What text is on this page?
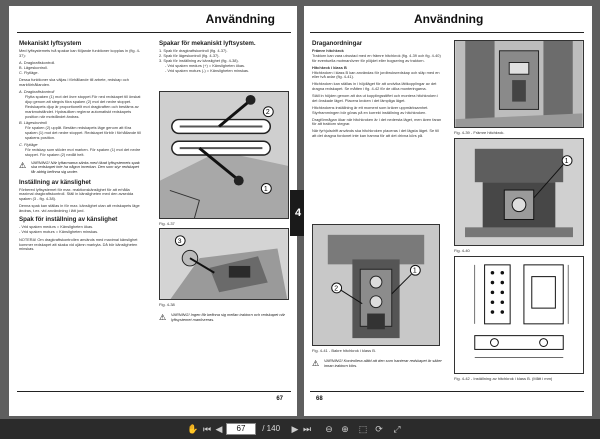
Användning
Mekaniskt lyftsystem
Med lyftsystemets två spakar kan följande funktioner kopplas in (fig. 4-37):
A. Dragkraftskontroll.
B. Lägeskontroll.
C. Flytläge.
Dessa funktioner ska väljas i förhållande till arbete, redskap och markförhållanden.
A. Dragkraftskontroll
Flytta spaken (1) mot det övre stoppet.För ned redskapet till önskat djup genom att stegvis föra spaken (2) mot det nedre stoppet. Redskapets djup är proportionellt mot dragkraften och bestäms av markmotståndet. Hydrauliken reglerar automatiskt redskapets position när motståndet ändras.
B. Lägeskontroll
För spaken (2) uppåt. Bestäm redskapets läge genom att föra spaken (1) mot det nedre stoppet. Redskapet förblir i förhållande till spakens position.
C. Flytläge
För redskap som stöder mot marken. För spaken (1) mot det nedre stoppet. För spaken (2) nedåt helt.
⚠ VARNING! När lyftarmarna sänks med ökad lyftsystemets spak ska redskapet inte ha någon inverkan. Den som styr redskapet får aldrig befinna sig under.
Inställning av känslighet
Förbered lyftsystemet för max. reaktionskänslighet för att erhålla maximal dragkraftskontroll. Ställ in känsligheten med den avsedda spaken (3 - fig. 4-38).
Denna spak kan ställas in för max. känslighet utan att redskapets läge ändras, t.ex. vid användning i lätt jord.
Spak för inställning av känslighet
- Vrid spaken medurs = Känsligheten ökas.
- Vrid spaken moturs = Känsligheten minskas.
NOTERA! Om dragkraftskontrollen används med maximal känslighet kommer redskapet att skaka vid ojämn markyta. Då bör känsligheten minskas.
Spakar för mekaniskt lyftsystem.
1. Spak för dragkraftskontroll (fig. 4-37).
2. Spak för lägeskontroll (fig. 4-37).
3. Spak för inställning av känslighet (fig. 4-38).
- Vrid spaken medurs (+) = Känsligheten ökas.
- Vrid spaken moturs (-) = Känsligheten minskas.
2
1
Fig. 4-37
3
Fig. 4-38
⚠ VARNING! Ingen får befinna sig mellan traktorn och redskapet när lyftsystemet manövreras.
67
4
Användning
Draganordningar
Främre hitchkrok
Traktorn kan vara utrustad med en främre hitchkrok (fig. 4-39 och fig. 4-40) för eventuella motmanövrer för plöjdet eller bogsering av traktorn.
Hitchkrok i klass B
Hitchkroken i klass B kan användas för jordbruksredskap och släp med en eller två axlar (fig. 4-41).
Hitchkroken kan ställas in i höjdläget för att undvika lättkopplingar av det dragna redskapet. Se måtten i fig. 4-42 för de olika monteringarna.
Ställ in höjden genom att dra ut kopplingsstiftet och montera hitchkroken i det önskade läget. Placera kroken i det lämpliga läget.
Hitchkrokens inställning är ett moment som kräver uppmärksamhet. Styrframmingen bör göras på en korrekt inställning av hitchkroken.
Dragförmågan ökar när hitchkroken är i det nedersta läget, men även faran för att traktorn stegrar.
När fyrhjulsdrift används ska hitchkroken placeras i det lägsta läget. Se till att det dragna fordonet inte kan hamna för att det drivna körs på.
1
2
Fig. 4-41 - Bakre hitchkrok i klass B.
Fig. 4-39 - Främre hitchkrok.
1
Fig. 4-40
Fig. 4-42 - Inställning av hitchkrok i klass B. (Mått i mm)
⚠ VARNING! Kontrollera alltid att den som hanterar redskapet är säker innan traktorn körs.
68
✋ ⏮ ◀
67	/ 140	▶ ⏭	⊖ ⊕	⬚ ⟳	⤢
